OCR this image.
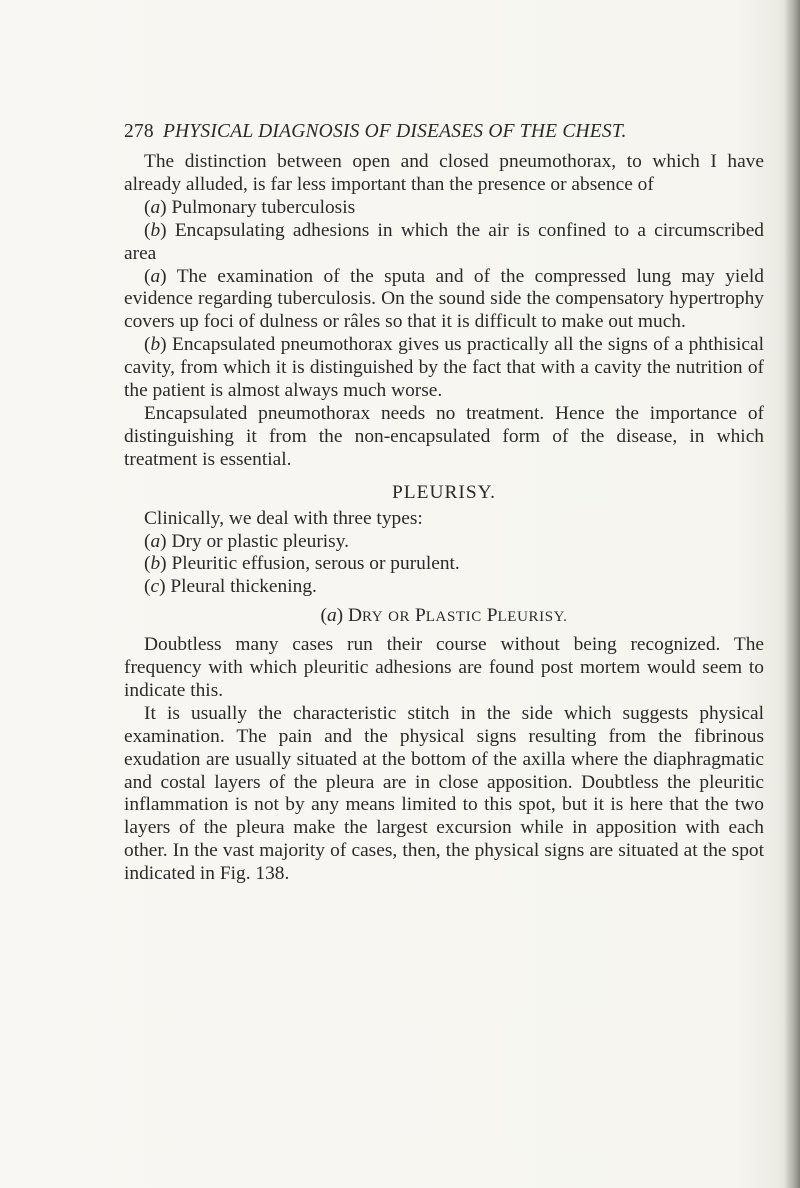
278 PHYSICAL DIAGNOSIS OF DISEASES OF THE CHEST.

The distinction between open and closed pneumothorax, to which I have already alluded, is far less important than the presence or absence of

(a) Pulmonary tuberculosis

(b) Encapsulating adhesions in which the air is confined to a circumscribed area

(a) The examination of the sputa and of the compressed lung may yield evidence regarding tuberculosis. On the sound side the compensatory hypertrophy covers up foci of dulness or râles so that it is difficult to make out much.

(b) Encapsulated pneumothorax gives us practically all the signs of a phthisical cavity, from which it is distinguished by the fact that with a cavity the nutrition of the patient is almost always much worse.

Encapsulated pneumothorax needs no treatment. Hence the importance of distinguishing it from the non-encapsulated form of the disease, in which treatment is essential.

PLEURISY.

Clinically, we deal with three types:

(a) Dry or plastic pleurisy.

(b) Pleuritic effusion, serous or purulent.

(c) Pleural thickening.

(a) DRY OR PLASTIC PLEURISY.

Doubtless many cases run their course without being recognized. The frequency with which pleuritic adhesions are found post mortem would seem to indicate this.

It is usually the characteristic stitch in the side which suggests physical examination. The pain and the physical signs resulting from the fibrinous exudation are usually situated at the bottom of the axilla where the diaphragmatic and costal layers of the pleura are in close apposition. Doubtless the pleuritic inflammation is not by any means limited to this spot, but it is here that the two layers of the pleura make the largest excursion while in apposition with each other. In the vast majority of cases, then, the physical signs are situated at the spot indicated in Fig. 138.
